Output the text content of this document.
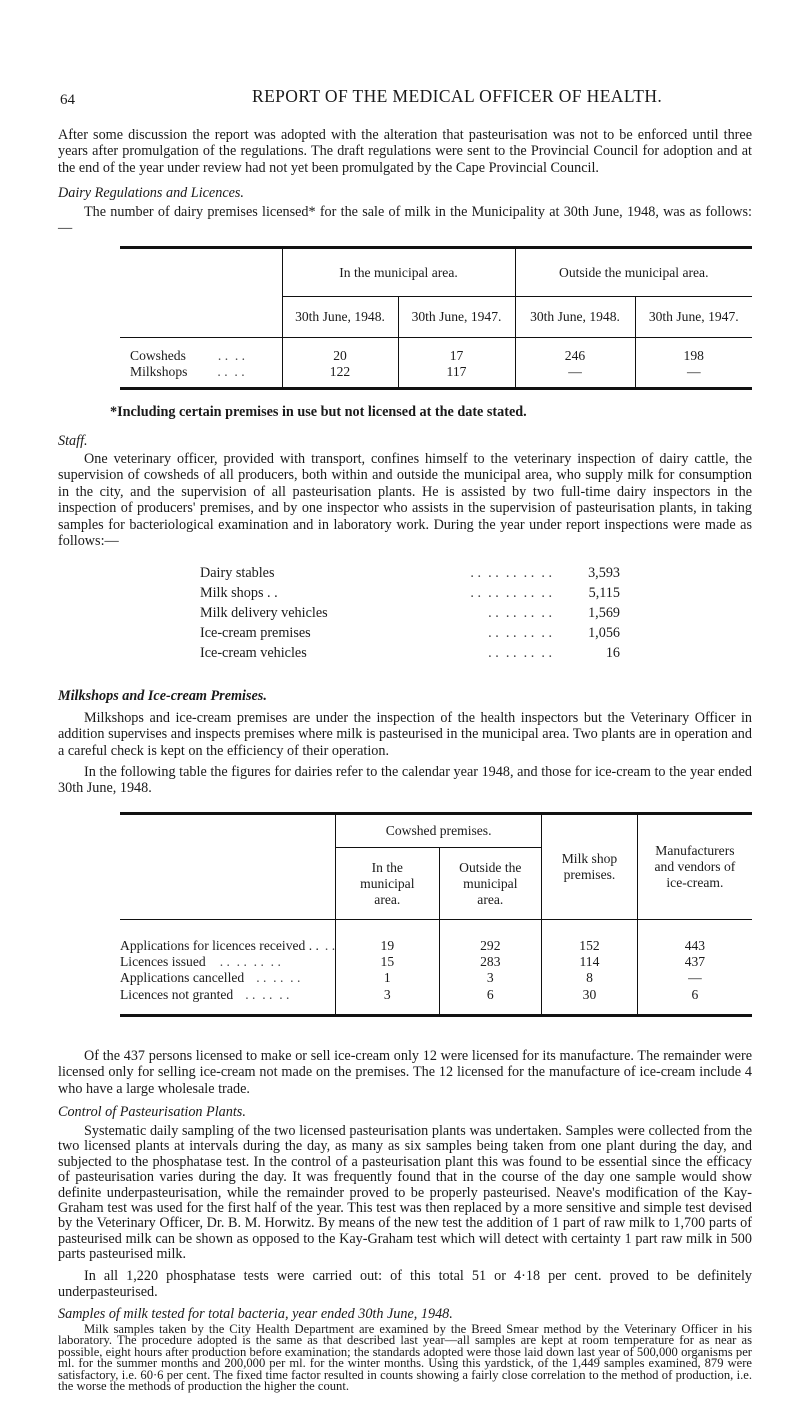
64	REPORT OF THE MEDICAL OFFICER OF HEALTH.
After some discussion the report was adopted with the alteration that pasteurisation was not to be enforced until three years after promulgation of the regulations. The draft regulations were sent to the Provincial Council for adoption and at the end of the year under review had not yet been promulgated by the Cape Provincial Council.
Dairy Regulations and Licences.
The number of dairy premises licensed* for the sale of milk in the Municipality at 30th June, 1948, was as follows:—
	In the municipal area.		Outside the municipal area.	
	30th June, 1948.	30th June, 1947.	30th June, 1948.	30th June, 1947.

Cowsheds . .  . .	20	17	246	198
Milkshops . .  . .	122	117	—	—

*Including certain premises in use but not licensed at the date stated.
Staff.
One veterinary officer, provided with transport, confines himself to the veterinary inspection of dairy cattle, the supervision of cowsheds of all producers, both within and outside the municipal area, who supply milk for consumption in the city, and the supervision of all pasteurisation plants. He is assisted by two full-time dairy inspectors in the inspection of producers' premises, and by one inspector who assists in the supervision of pasteurisation plants, in taking samples for bacteriological examination and in laboratory work. During the year under report inspections were made as follows:—
Dairy stables	. .  . .  . .  . .  . .	3,593
Milk shops . .	. .  . .  . .  . .  . .	5,115
Milk delivery vehicles	. .  . .  . .  . .	1,569
Ice-cream premises	. .  . .  . .  . .	1,056
Ice-cream vehicles	. .  . .  . .  . .	16
Milkshops and Ice-cream Premises.
Milkshops and ice-cream premises are under the inspection of the health inspectors but the Veterinary Officer in addition supervises and inspects premises where milk is pasteurised in the municipal area. Two plants are in operation and a careful check is kept on the efficiency of their operation.
In the following table the figures for dairies refer to the calendar year 1948, and those for ice-cream to the year ended 30th June, 1948.
	Cowshed premises.		Milk shop premises.	Manufacturers and vendors of ice-cream.
	In the municipal area.	Outside the municipal area.		

Applications for licences received . . . .	19	292	152	443
Licences issued . .  . .  . .  . .	15	283	114	437
Applications cancelled . .  . .  . .	1	3	8	—
Licences not granted . .  . .  . .	3	6	30	6

Of the 437 persons licensed to make or sell ice-cream only 12 were licensed for its manufacture. The remainder were licensed only for selling ice-cream not made on the premises. The 12 licensed for the manufacture of ice-cream include 4 who have a large wholesale trade.
Control of Pasteurisation Plants.
Systematic daily sampling of the two licensed pasteurisation plants was undertaken. Samples were collected from the two licensed plants at intervals during the day, as many as six samples being taken from one plant during the day, and subjected to the phosphatase test. In the control of a pasteurisation plant this was found to be essential since the efficacy of pasteurisation varies during the day. It was frequently found that in the course of the day one sample would show definite underpasteurisation, while the remainder proved to be properly pasteurised. Neave's modification of the Kay-Graham test was used for the first half of the year. This test was then replaced by a more sensitive and simple test devised by the Veterinary Officer, Dr. B. M. Horwitz. By means of the new test the addition of 1 part of raw milk to 1,700 parts of pasteurised milk can be shown as opposed to the Kay-Graham test which will detect with certainty 1 part raw milk in 500 parts pasteurised milk.
In all 1,220 phosphatase tests were carried out: of this total 51 or 4·18 per cent. proved to be definitely underpasteurised.
Samples of milk tested for total bacteria, year ended 30th June, 1948.
Milk samples taken by the City Health Department are examined by the Breed Smear method by the Veterinary Officer in his laboratory. The procedure adopted is the same as that described last year—all samples are kept at room temperature for as near as possible, eight hours after production before examination; the standards adopted were those laid down last year of 500,000 organisms per ml. for the summer months and 200,000 per ml. for the winter months. Using this yardstick, of the 1,449 samples examined, 879 were satisfactory, i.e. 60·6 per cent. The fixed time factor resulted in counts showing a fairly close correlation to the method of production, i.e. the worse the methods of production the higher the count.
